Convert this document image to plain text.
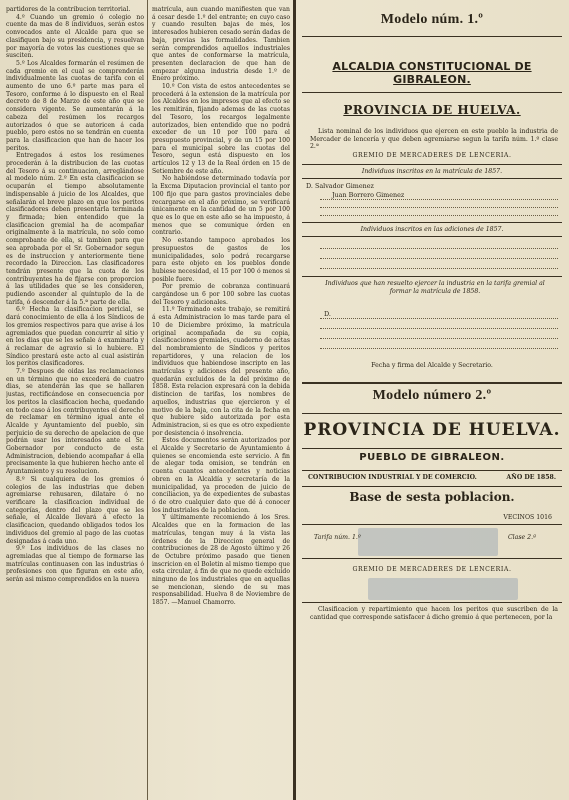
partidores de la contribucion territorial.

4.º Cuando un gremio ó colegio no cuente da mas de 8 individuos, serán estos convocados ante el Alcalde para que se clasifiquen bajo su presidencia, y resuelvan por mayoría de votos las cuestiones que se susciten.

5.º Los Alcaldes formarán el resúmen de cada gremio en el cual se comprenderán individualmente las cuotas de tarifa con el aumento de uno 6.º parte mas para el Tesoro, conforme á lo dispuesto en el Real decreto de 8 de Marzo de este año que se considera vigente. Se aumentarán á la cabeza del resúmen los recargos autorizados ó que se autoricen á cada pueblo, pero estos no se tendrán en cuenta para la clasificacion que han de hacer los peritos.

Entregados á estos los resúmenes procederán á la distribucion de las cuotas del Tesoro á su continuacion, arreglándose al modelo núm. 2.º En esta clasificacion se ocuparán el tiempo absolutamente indispensable á juicio de los Alcaldes, que señalarán el breve plazo en que los peritos clasificadores deben presentarla terminada y firmada; bien entendido que la clasificacion gremial ha de acompañar originalmente á la matrícula, no solo como comprobante de ella, si tambien para que sea aprobada por el Sr. Gobernador segun es de instruccion y anteriormente tiene recordado la Direccion. Las clasificadores tendrán presente que la cuota de los contribuyentes ha de fijarse con proporcion á las utilidades que se les consideren, pudiendo ascender al quíntuplo de la de tarifa, ó descender á la 5.ª parte de ella.

6.º Hecha la clasificacion pericial, se dará conocimiento de ella á los Síndicos de los gremios respectivos para que avise á los agremiados que puedan concurrir al sitio y en los dias que se les señale á examinarla y á reclamar de agravio si lo hubiere. El Síndico prestará este acto al cual asistirán los peritos clasificadores.

7.º Despues de oidas las reclamaciones en un término que no excederá de cuatro dias, se atenderán las que se hallaren justas, rectificándose en consecuencia por los peritos la clasificacion hecha, quedando en todo caso á los contribuyentes el derecho de reclamar en término igual ante el Alcalde y Ayuntamiento del pueblo, sin perjuicio de su derecho de apelacion de que podrán usar los interesados ante el Sr. Gobernador por conducto de esta Administracion, debiendo acompañar á ella precisamente la que hubieren hecho ante el Ayuntamiento y su resolucion.

8.º Si cualquiera de los gremios ó colegios de las industrias que deben agremiarse rehusaren, dilatare ó no verificare la clasificacion individual de categorías, dentro del plazo que se les señale, el Alcalde llevará á efecto la clasificacion, quedando obligados todos los individuos del gremio al pago de las cuotas designadas á cada uno.

9.º Los individuos de las clases no agremiadas que al tiempo de formarse las matrículas continuasen con las industrias ó profesiones con que figuran en este año, serán asi mismo comprendidos en la nueva

matrícula, aun cuando manifiesten que van á cesar desde 1.º del entrante; en cuyo caso y cuando resulten bajas de mes, los interesados hubieren cesado serán dadas de baja, previas las formalidades. Tambien serán comprendidos aquellos industriales que antes de conformarse la matrícula, presenten declaracion de que han de empezar alguna industria desde 1.º de Enero próximo.

10.º Con vista de estos antecedentes se procederá á la extension de la matrícula por los Alcaldes en los impresos que al efecto se les remitirán, fijando ademas de las cuotas del Tesoro, los recargos legalmente autorizados, bien entendido que no podrá exceder de un 10 por 100 para el presupuesto provincial, y de un 15 por 100 para el municipal sobre las cuotas del Tesoro, segun está dispuesto en los artículos 12 y 13 de la Real órden en 15 de Setiembre de este año.

No habiéndose determinado todavía por la Excma Diputacion provincial el tanto por 100 fijo que para gastos provinciales debe recargarse en el año próximo, se verificará únicamente en la cantidad de un 5 por 100 que es lo que en este año se ha impuesto, á menos que se comunique órden en contrario.

No estando tampoco aprobados los presupuestos de gastos de los municipalidades, solo podrá recargarse para este objeto en los pueblos donde hubiese necesidad, el 15 por 100 ó menos si posible fuere.

Por premio de cobranza continuará cargándose un 6 por 100 sobre las cuotas del Tesoro y adicionales.

11.º Terminado este trabajo, se remitirá á esta Administracion lo mas tarde para el 10 de Diciembre próximo, la matrícula original acompañada de su copia, clasificaciones gremiales, cuaderno de actas del nombramiento de Síndicos y peritos repartidores, y una relacion de los individuos que habiendose inscripto en las matrículas y adiciones del presente año, quedarán excluidos de la del próximo de 1858. Esta relacion expresará con la debida distincion de tarifas, los nombres de aquellos, industrias que ejercieron y el motivo de la baja, con la cita de la fecha en que hubiere sido autorizada por esta Administracion, si es que es otro expediente por desistencia ó insolvencia.

Estos documentos serán autorizados por el Alcalde y Secretario de Ayuntamiento á quienes se encomienda este servicio. A fin de alegar toda omision, se tendrán en cuenta cuantos antecedentes y noticias obren en la Alcaldía y secretaría de la municipalidad, ya proceden de juicio de conciliacion, ya de expedientes de subastas ó de otro cualquier dato que dé á conocer los industriales de la poblacion.

Y últimamente recomiendo á los Sres. Alcaldes que en la formacion de las matrículas, tengan muy á la vista las órdenes de la Direccion general de contribuciones de 28 de Agosto último y 26 de Octubre próximo pasado que tienen inscricion en el Boletin al mismo tiempo que esta circular, á fin de que no quede excluido ninguno de los industriales que en aquellas se mencionan, siendo de su mas responsabilidad. Huelva 8 de Noviembre de 1857. —Manuel Chamorro.

Modelo núm. 1.º
ALCALDIA CONSTITUCIONAL DE GIBRALEON.
PROVINCIA DE HUELVA.
Lista nominal de los individuos que ejercen en este pueblo la industria de Mercader de lencería y que deben agremiarse segun la tarifa núm. 1.º clase 2.ª
GREMIO DE MERCADERES DE LENCERIA.
Individuos inscritos en la matrícula de 1857.
D. Salvador Gimenez
Juan Borrero Gimenez
Individuos inscritos en las adiciones de 1857.
Individuos que han resuelto ejercer la industria en la tarifa gremial al formar la matrícula de 1858.
D.
Fecha y firma del Alcalde y Secretario.
Modelo número 2.º
PROVINCIA DE HUELVA.
PUEBLO DE GIBRALEON.
CONTRIBUCION INDUSTRIAL Y DE COMERCIO.	AÑO DE 1858.
Base de sesta poblacion.
VECINOS 1016
Tarifa núm. 1.º	Clase 2.ª
GREMIO DE MERCADERES DE LENCERIA.
Clasificacion y repartimiento que hacen los peritos que suscriben de la cantidad que corresponde satisfacer á dicho gremio á que pertenecen, por la
